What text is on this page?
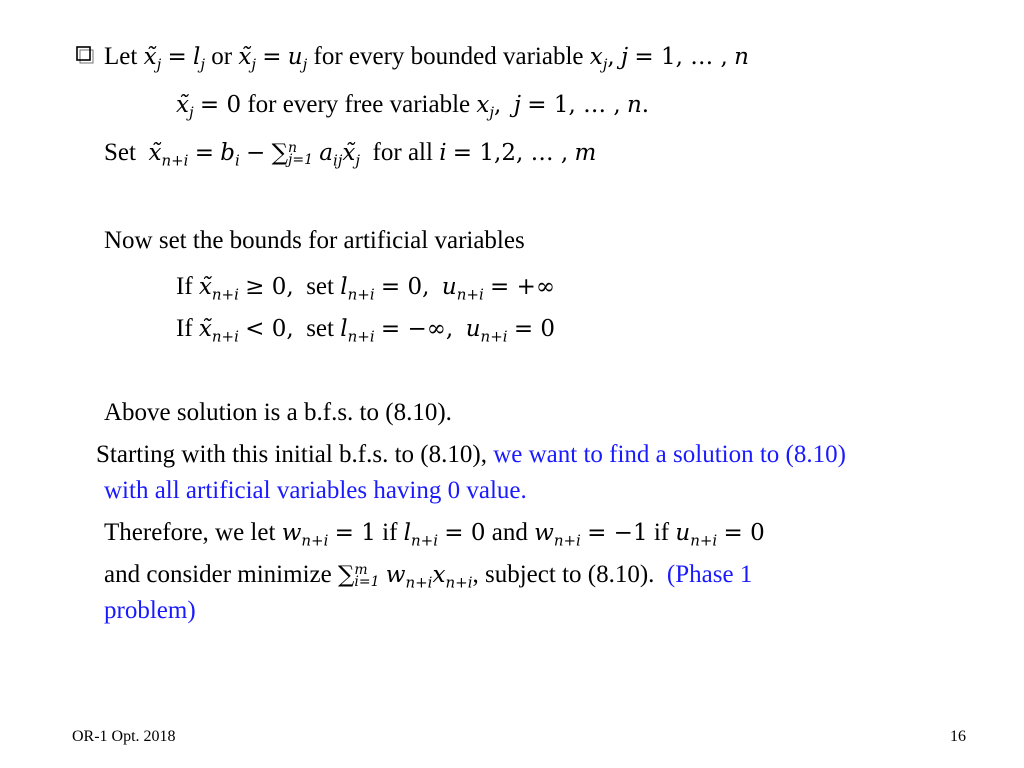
Let $x̃_j = l_j$ or $x̃_j = u_j$ for every bounded variable $x_j$, j = 1, … , n
$x̃_j = 0$ for every free variable $x_j$, j = 1, … , n.
Set $x̃_{n+i} = b_i$ − ∑ n
j=1 $a_{ij}x̃_j$ for all i = 1,2, … , m
Now set the bounds for artificial variables
If $x̃_{n+i} \ge 0$, set $l_{n+i} = 0$, $u_{n+i}$ = +∞
If $x̃_{n+i} < 0$, set $l_{n+i}$ = −∞, $u_{n+i} = 0$
Above solution is a b.f.s. to (8.10).
Starting with this initial b.f.s. to (8.10), we want to find a solution to (8.10)
with all artificial variables having 0 value.
Therefore, we let $w_{n+i} = 1$ if $l_{n+i} = 0$ and $w_{n+i} = -1$ if $u_{n+i} = 0$
and consider minimize ∑ m
i=1 $w_{n+i}x_{n+i}$, subject to (8.10). (Phase 1
problem)
OR-1 Opt. 2018	16
